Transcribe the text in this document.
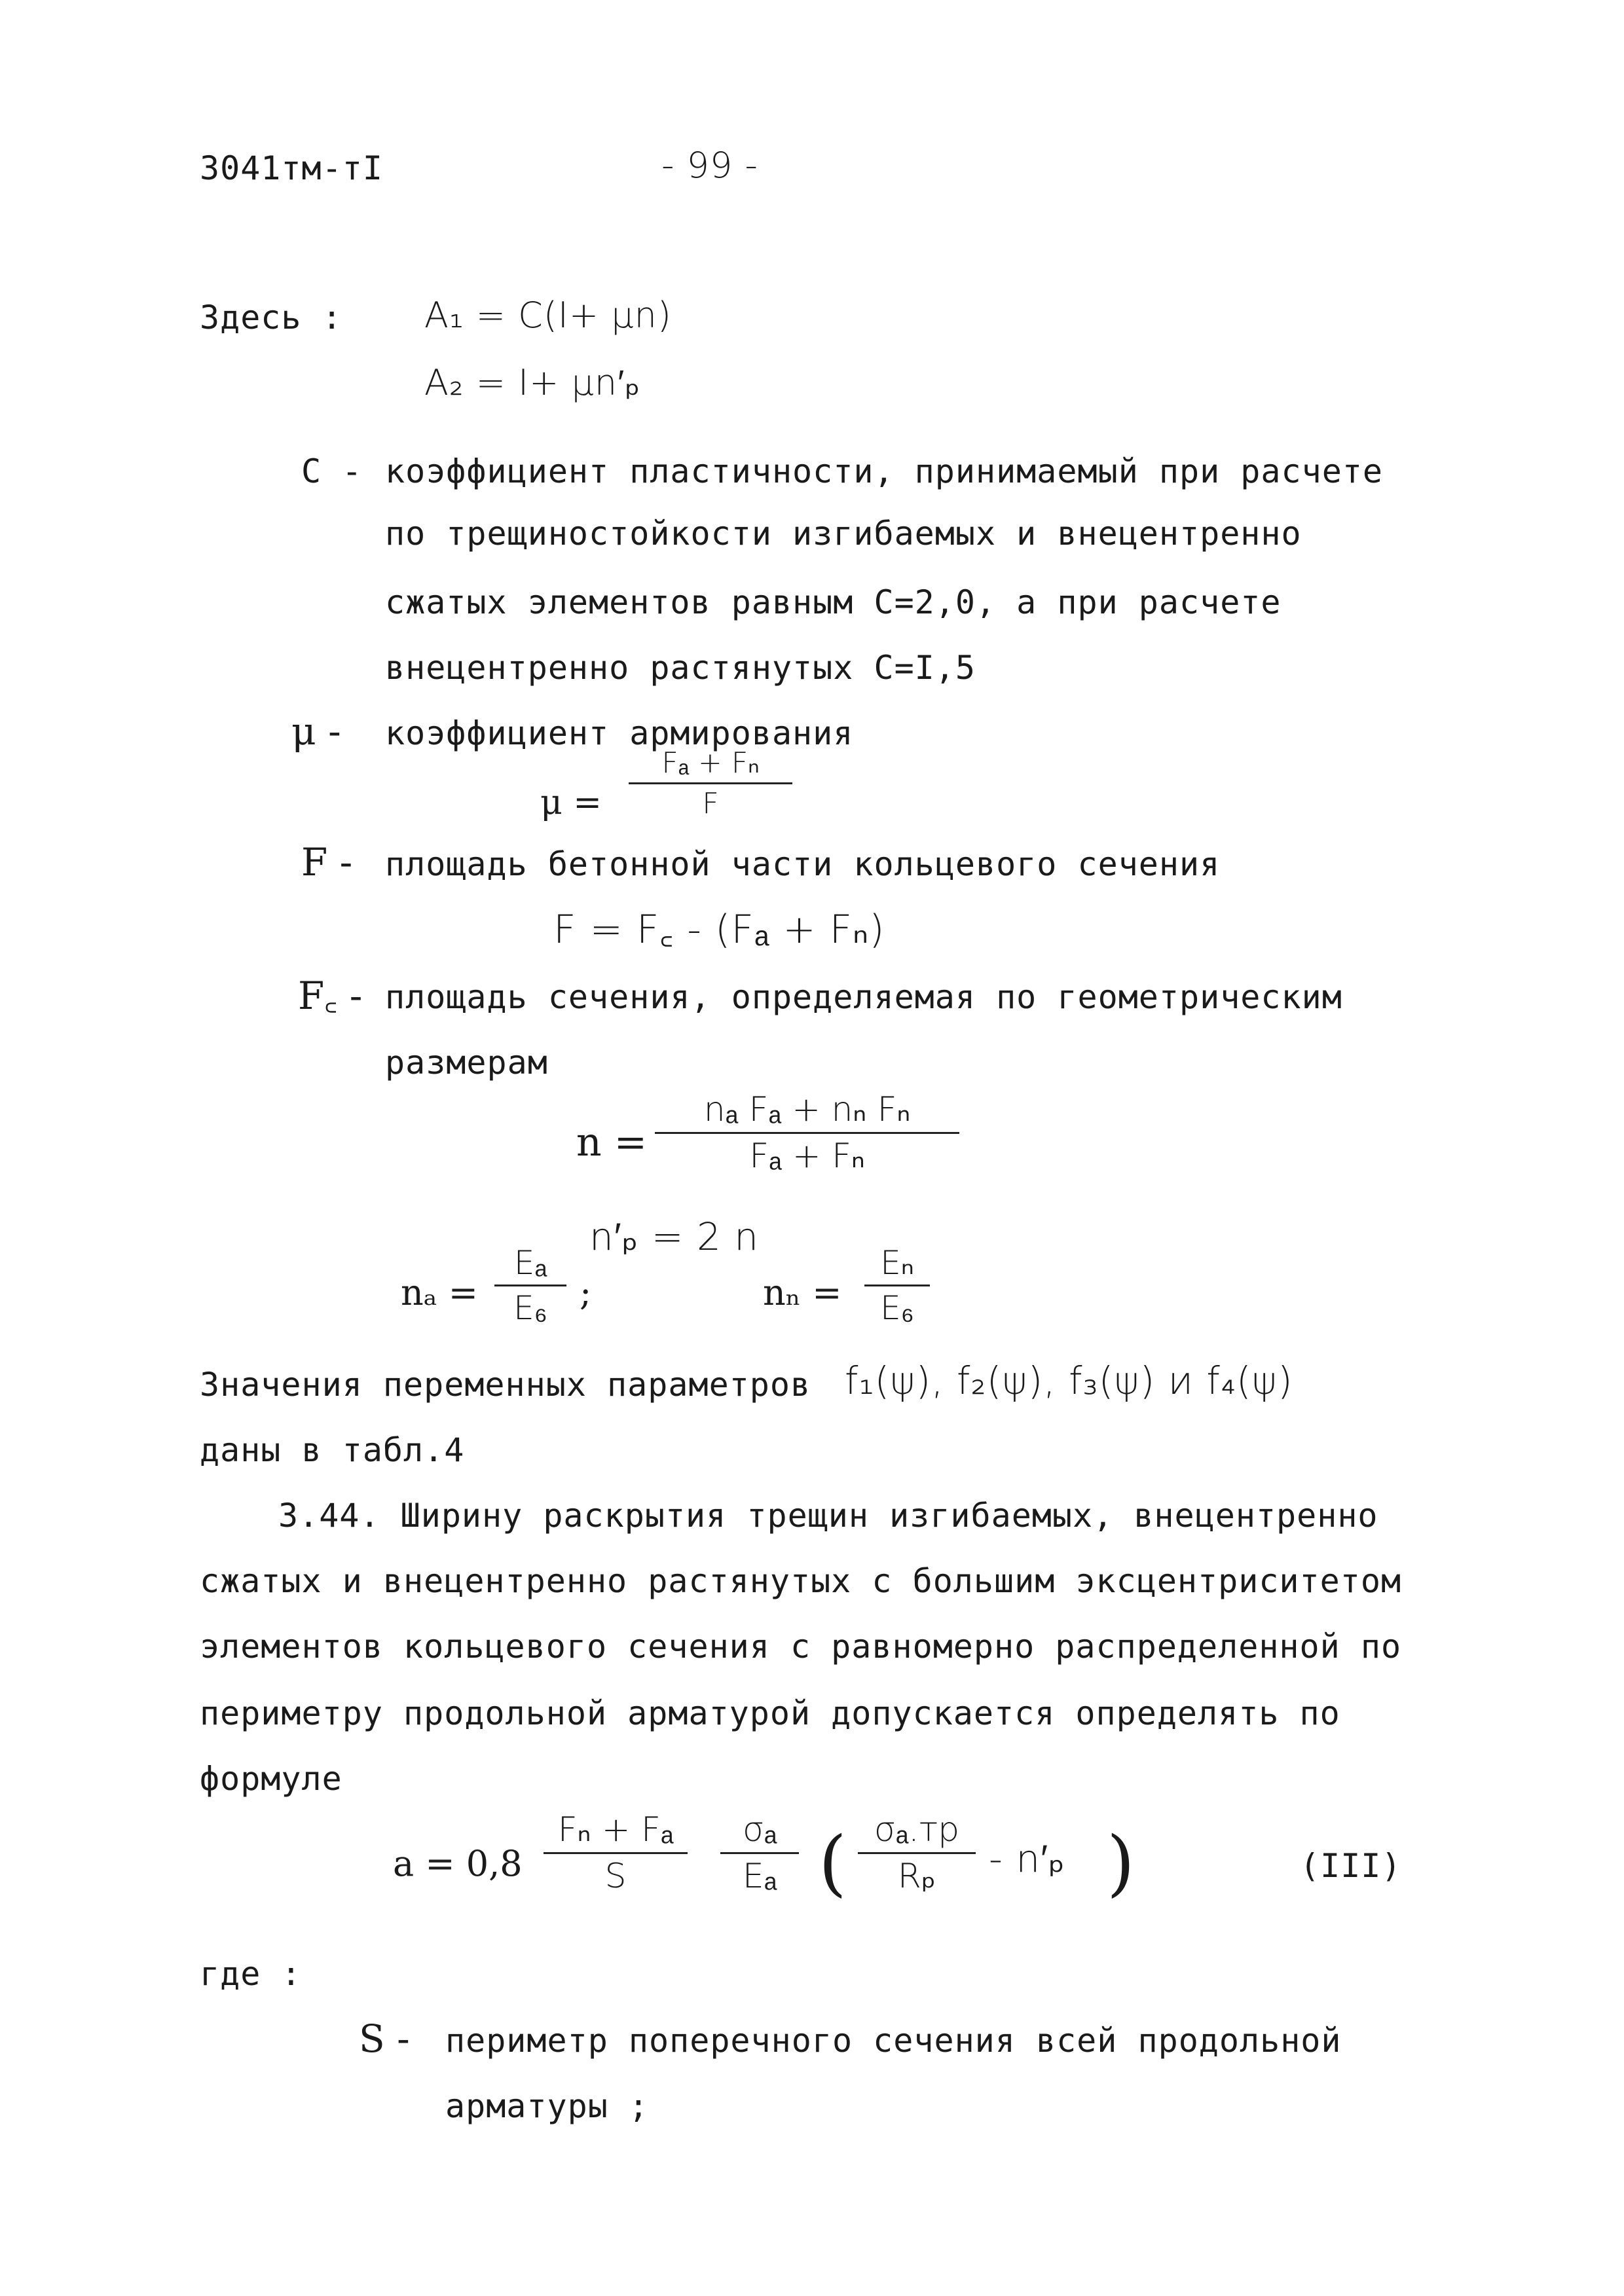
3041тм-тI	- 99 -
Здесь : A₁ = C(I+ μn)
A₂ = I+ μn′ₚ
C - коэффициент пластичности, принимаемый при расчете
по трещиностойкости изгибаемых и внецентренно
сжатых элементов равным C=2,0, а при расчете
внецентренно растянутых C=I,5
μ - коэффициент армирования
μ =
Fₐ + Fₙ
F
F - площадь бетонной части кольцевого сечения
F = F꜀ - (Fₐ + Fₙ)
F꜀ - площадь сечения, определяемая по геометрическим
размерам
n =
nₐ Fₐ + nₙ Fₙ
Fₐ + Fₙ
n′ₚ = 2 n
nₐ =
Eₐ
E₆ ;	nₙ =
Eₙ
E₆
Значения переменных параметров f₁(ψ), f₂(ψ), f₃(ψ) и f₄(ψ)
даны в табл.4
3.44. Ширину раскрытия трещин изгибаемых, внецентренно
сжатых и внецентренно растянутых с большим эксцентриситетом
элементов кольцевого сечения с равномерно распределенной по
периметру продольной арматурой допускается определять по
формуле
a = 0,8
Fₙ + Fₐ
S
σₐ
Eₐ ( σₐ.тр
Rₚ	- n′ₚ )	(III)
где :
S - периметр поперечного сечения всей продольной
арматуры ;
